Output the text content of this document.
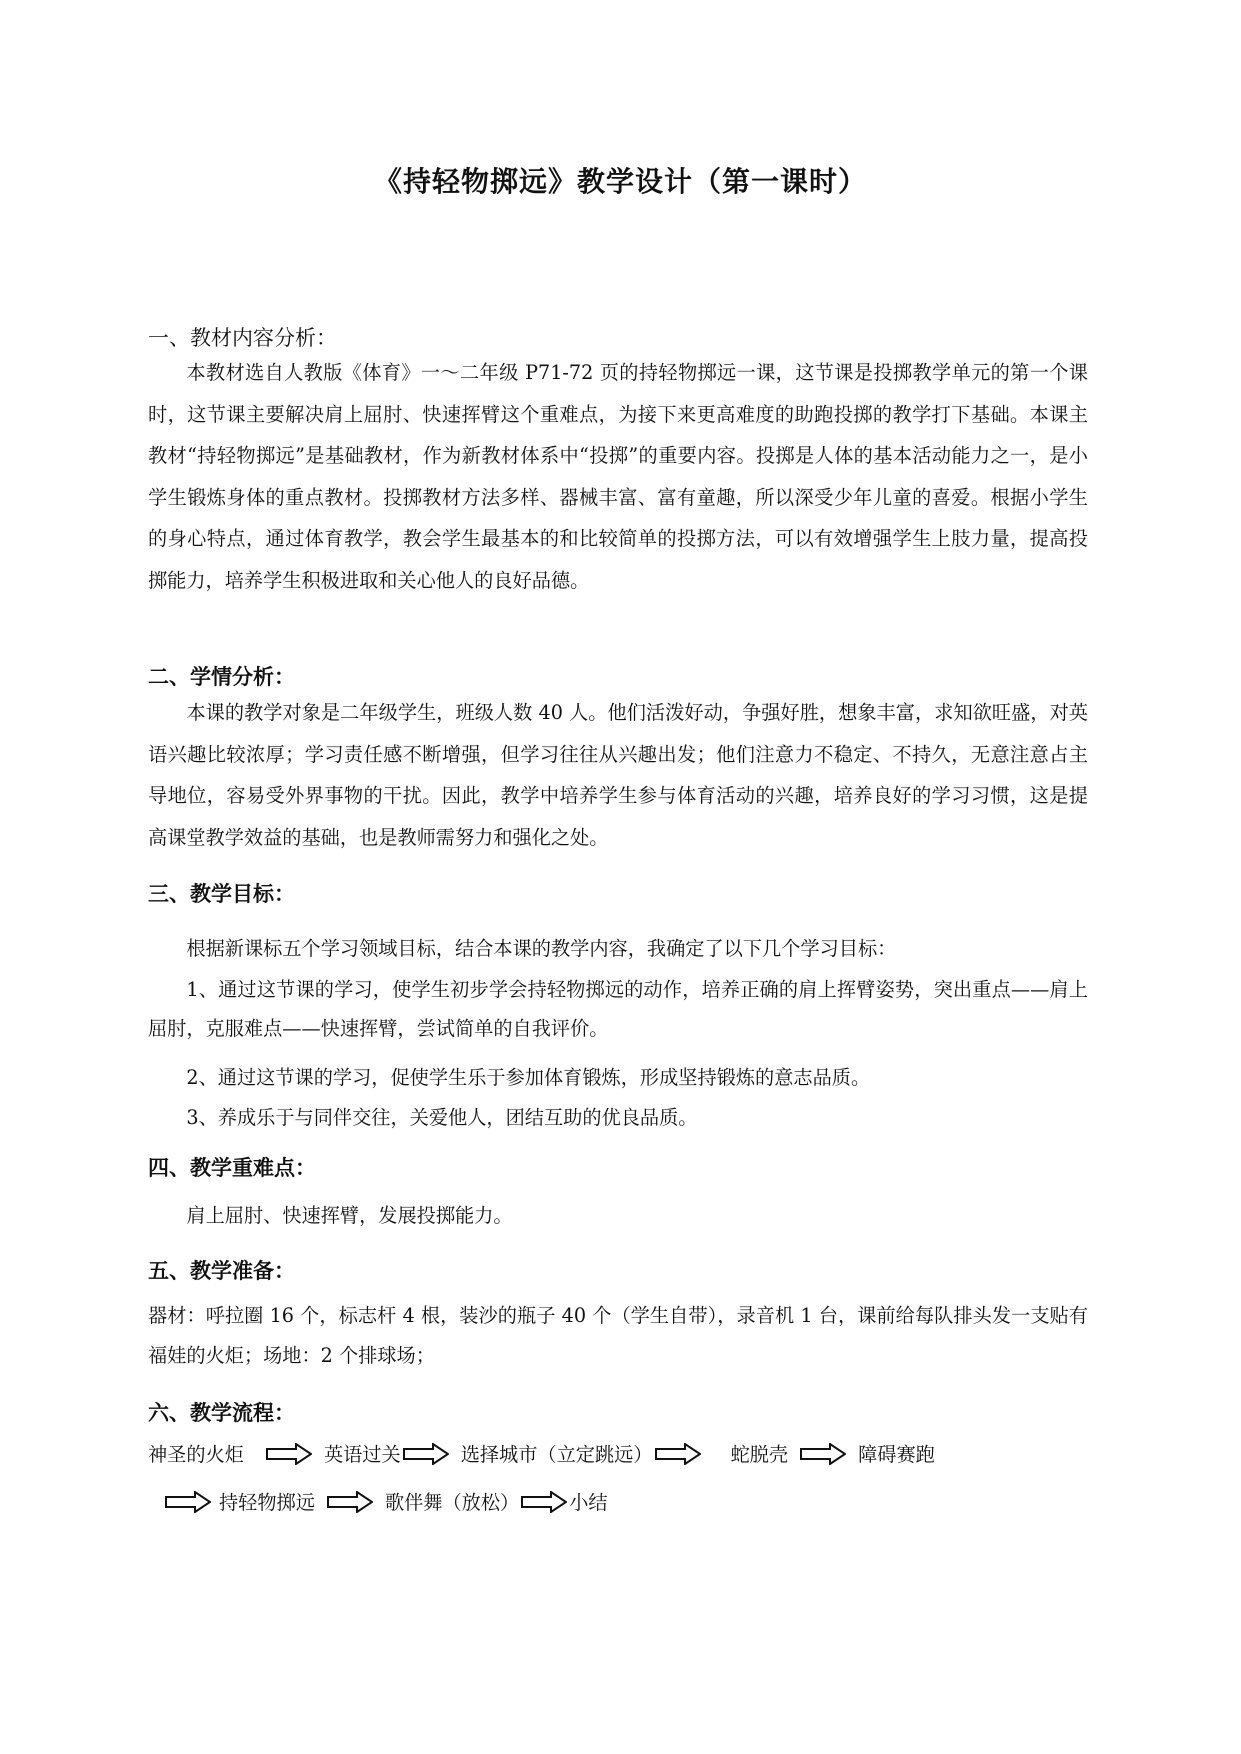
《持轻物掷远》教学设计（第一课时）
一、教材内容分析：

本教材选自人教版《体育》一～二年级 P71-72 页的持轻物掷远一课，这节课是投掷教学单元的第一个课时，这节课主要解决肩上屈肘、快速挥臂这个重难点，为接下来更高难度的助跑投掷的教学打下基础。本课主教材“持轻物掷远”是基础教材，作为新教材体系中“投掷”的重要内容。投掷是人体的基本活动能力之一，是小学生锻炼身体的重点教材。投掷教材方法多样、器械丰富、富有童趣，所以深受少年儿童的喜爱。根据小学生的身心特点，通过体育教学，教会学生最基本的和比较简单的投掷方法，可以有效增强学生上肢力量，提高投掷能力，培养学生积极进取和关心他人的良好品德。

二、学情分析：

本课的教学对象是二年级学生，班级人数 40 人。他们活泼好动，争强好胜，想象丰富，求知欲旺盛，对英语兴趣比较浓厚；学习责任感不断增强，但学习往往从兴趣出发；他们注意力不稳定、不持久，无意注意占主导地位，容易受外界事物的干扰。因此，教学中培养学生参与体育活动的兴趣，培养良好的学习习惯，这是提高课堂教学效益的基础，也是教师需努力和强化之处。

三、教学目标：

根据新课标五个学习领域目标，结合本课的教学内容，我确定了以下几个学习目标：

1、通过这节课的学习，使学生初步学会持轻物掷远的动作，培养正确的肩上挥臂姿势，突出重点——肩上屈肘，克服难点——快速挥臂，尝试简单的自我评价。

2、通过这节课的学习，促使学生乐于参加体育锻炼，形成坚持锻炼的意志品质。

3、养成乐于与同伴交往，关爱他人，团结互助的优良品质。

四、教学重难点：

肩上屈肘、快速挥臂，发展投掷能力。

五、教学准备：

器材：呼拉圈 16 个，标志杆 4 根，装沙的瓶子 40 个（学生自带），录音机 1 台，课前给每队排头发一支贴有福娃的火炬；场地：2 个排球场；

六、教学流程：
神圣的火炬	英语过关	选择城市（立定跳远）	蛇脱壳	障碍赛跑
持轻物掷远	歌伴舞（放松）	小结
